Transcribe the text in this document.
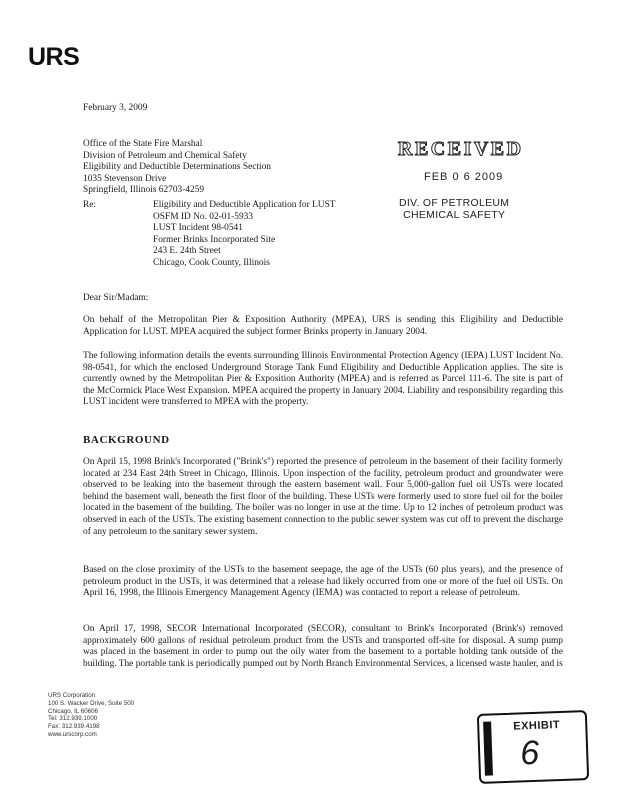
URS
February 3, 2009
Office of the State Fire Marshal
Division of Petroleum and Chemical Safety
Eligibility and Deductible Determinations Section
1035 Stevenson Drive
Springfield, Illinois 62703-4259
RECEIVED
FEB 0 6 2009
DIV. OF PETROLEUM
CHEMICAL SAFETY
Re:	Eligibility and Deductible Application for LUST
OSFM ID No. 02-01-5933
LUST Incident 98-0541
Former Brinks Incorporated Site
243 E. 24th Street
Chicago, Cook County, Illinois
Dear Sir/Madam:
On behalf of the Metropolitan Pier & Exposition Authority (MPEA), URS is sending this Eligibility and Deductible Application for LUST. MPEA acquired the subject former Brinks property in January 2004.
The following information details the events surrounding Illinois Environmental Protection Agency (IEPA) LUST Incident No. 98-0541, for which the enclosed Underground Storage Tank Fund Eligibility and Deductible Application applies. The site is currently owned by the Metropolitan Pier & Exposition Authority (MPEA) and is referred as Parcel 111-6. The site is part of the McCormick Place West Expansion. MPEA acquired the property in January 2004. Liability and responsibility regarding this LUST incident were transferred to MPEA with the property.
BACKGROUND
On April 15, 1998 Brink's Incorporated ("Brink's") reported the presence of petroleum in the basement of their facility formerly located at 234 East 24th Street in Chicago, Illinois. Upon inspection of the facility, petroleum product and groundwater were observed to be leaking into the basement through the eastern basement wall. Four 5,000-gallon fuel oil USTs were located behind the basement wall, beneath the first floor of the building. These USTs were formerly used to store fuel oil for the boiler located in the basement of the building. The boiler was no longer in use at the time. Up to 12 inches of petroleum product was observed in each of the USTs. The existing basement connection to the public sewer system was cut off to prevent the discharge of any petroleum to the sanitary sewer system.
Based on the close proximity of the USTs to the basement seepage, the age of the USTs (60 plus years), and the presence of petroleum product in the USTs, it was determined that a release had likely occurred from one or more of the fuel oil USTs. On April 16, 1998, the Illinois Emergency Management Agency (IEMA) was contacted to report a release of petroleum.
On April 17, 1998, SECOR International Incorporated (SECOR), consultant to Brink's Incorporated (Brink's) removed approximately 600 gallons of residual petroleum product from the USTs and transported off-site for disposal. A sump pump was placed in the basement in order to pump out the oily water from the basement to a portable holding tank outside of the building. The portable tank is periodically pumped out by North Branch Environmental Services, a licensed waste hauler, and is
URS Corporation
100 S. Wacker Drive, Suite 500
Chicago, IL 60606
Tel: 312.939.1000
Fax: 312.939.4198
www.urscorp.com
EXHIBIT
6
